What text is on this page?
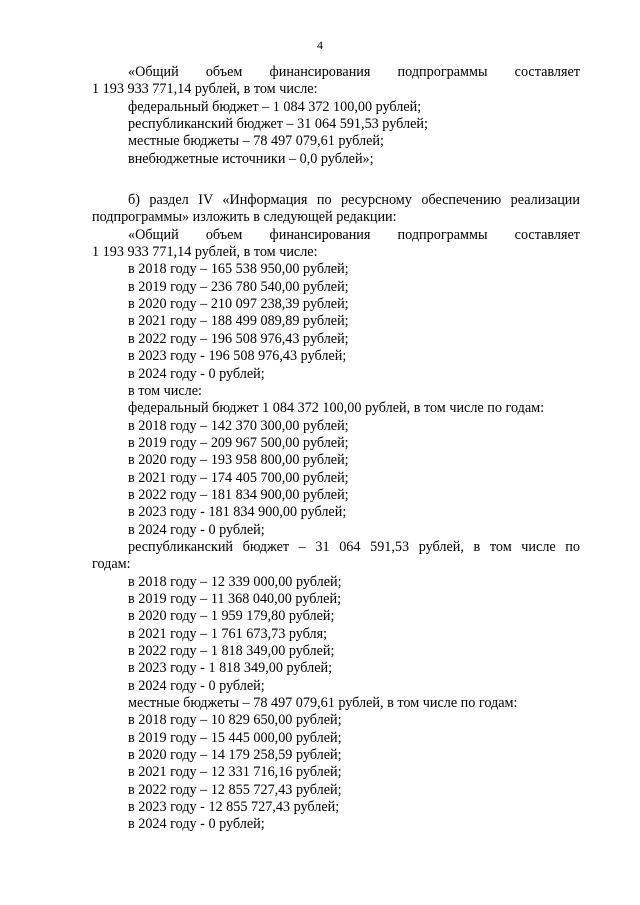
4

«Общий объем финансирования подпрограммы составляет

1 193 933 771,14 рублей, в том числе:

федеральный бюджет – 1 084 372 100,00 рублей;

республиканский бюджет – 31 064 591,53 рублей;

местные бюджеты – 78 497 079,61 рублей;

внебюджетные источники – 0,0 рублей»;

б) раздел IV «Информация по ресурсному обеспечению реализации

подпрограммы» изложить в следующей редакции:

«Общий объем финансирования подпрограммы составляет

1 193 933 771,14 рублей, в том числе:

в 2018 году – 165 538 950,00 рублей;

в 2019 году – 236 780 540,00 рублей;

в 2020 году – 210 097 238,39 рублей;

в 2021 году – 188 499 089,89 рублей;

в 2022 году – 196 508 976,43 рублей;

в 2023 году - 196 508 976,43 рублей;

в 2024 году - 0 рублей;

в том числе:

федеральный бюджет 1 084 372 100,00 рублей, в том числе по годам:

в 2018 году – 142 370 300,00 рублей;

в 2019 году – 209 967 500,00 рублей;

в 2020 году – 193 958 800,00 рублей;

в 2021 году – 174 405 700,00 рублей;

в 2022 году – 181 834 900,00 рублей;

в 2023 году - 181 834 900,00 рублей;

в 2024 году - 0 рублей;

республиканский бюджет – 31 064 591,53 рублей, в том числе по

годам:

в 2018 году – 12 339 000,00 рублей;

в 2019 году – 11 368 040,00 рублей;

в 2020 году – 1 959 179,80 рублей;

в 2021 году – 1 761 673,73 рубля;

в 2022 году – 1 818 349,00 рублей;

в 2023 году - 1 818 349,00 рублей;

в 2024 году - 0 рублей;

местные бюджеты – 78 497 079,61 рублей, в том числе по годам:

в 2018 году – 10 829 650,00 рублей;

в 2019 году – 15 445 000,00 рублей;

в 2020 году – 14 179 258,59 рублей;

в 2021 году – 12 331 716,16 рублей;

в 2022 году – 12 855 727,43 рублей;

в 2023 году - 12 855 727,43 рублей;

в 2024 году - 0 рублей;
